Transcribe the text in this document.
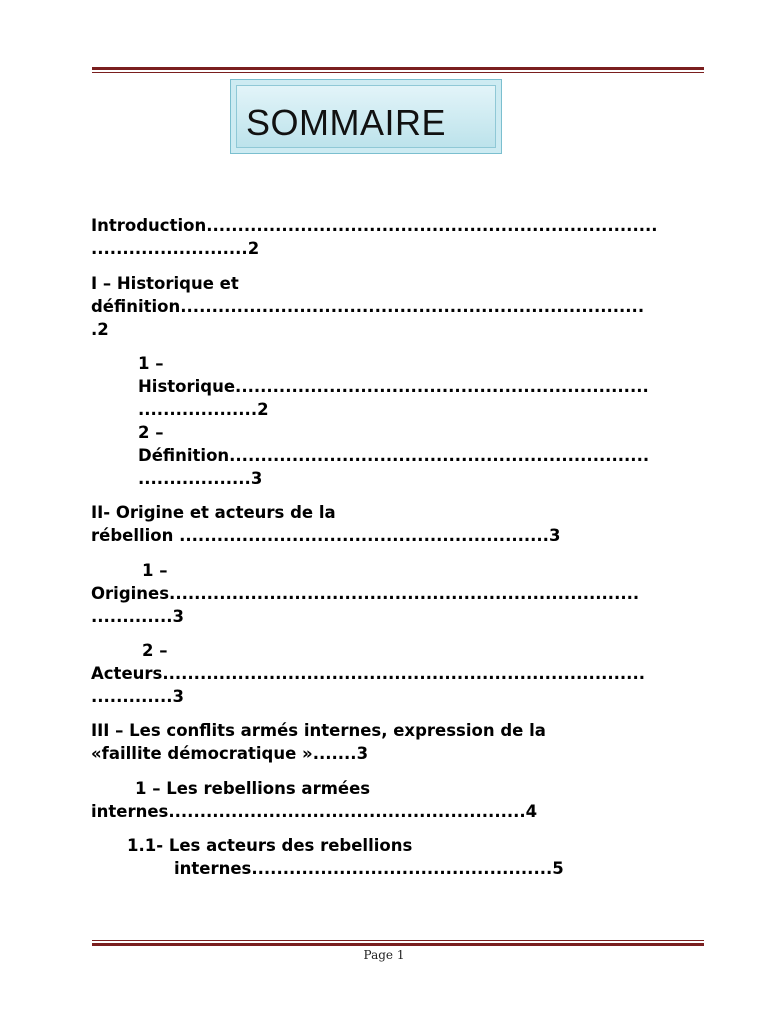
SOMMAIRE
Introduction........................................................................
.........................2
I – Historique et
définition..........................................................................
.2
1 –
Historique..................................................................
...................2
2 –
Définition...................................................................
..................3
II- Origine et acteurs de la
rébellion ...........................................................3
1 –
Origines...........................................................................
.............3
2 –
Acteurs.............................................................................
.............3
III – Les conflits armés internes, expression de la
«faillite démocratique ».......3
1 – Les rebellions armées
internes.........................................................4
1.1- Les acteurs des rebellions
internes................................................5
Page 1
